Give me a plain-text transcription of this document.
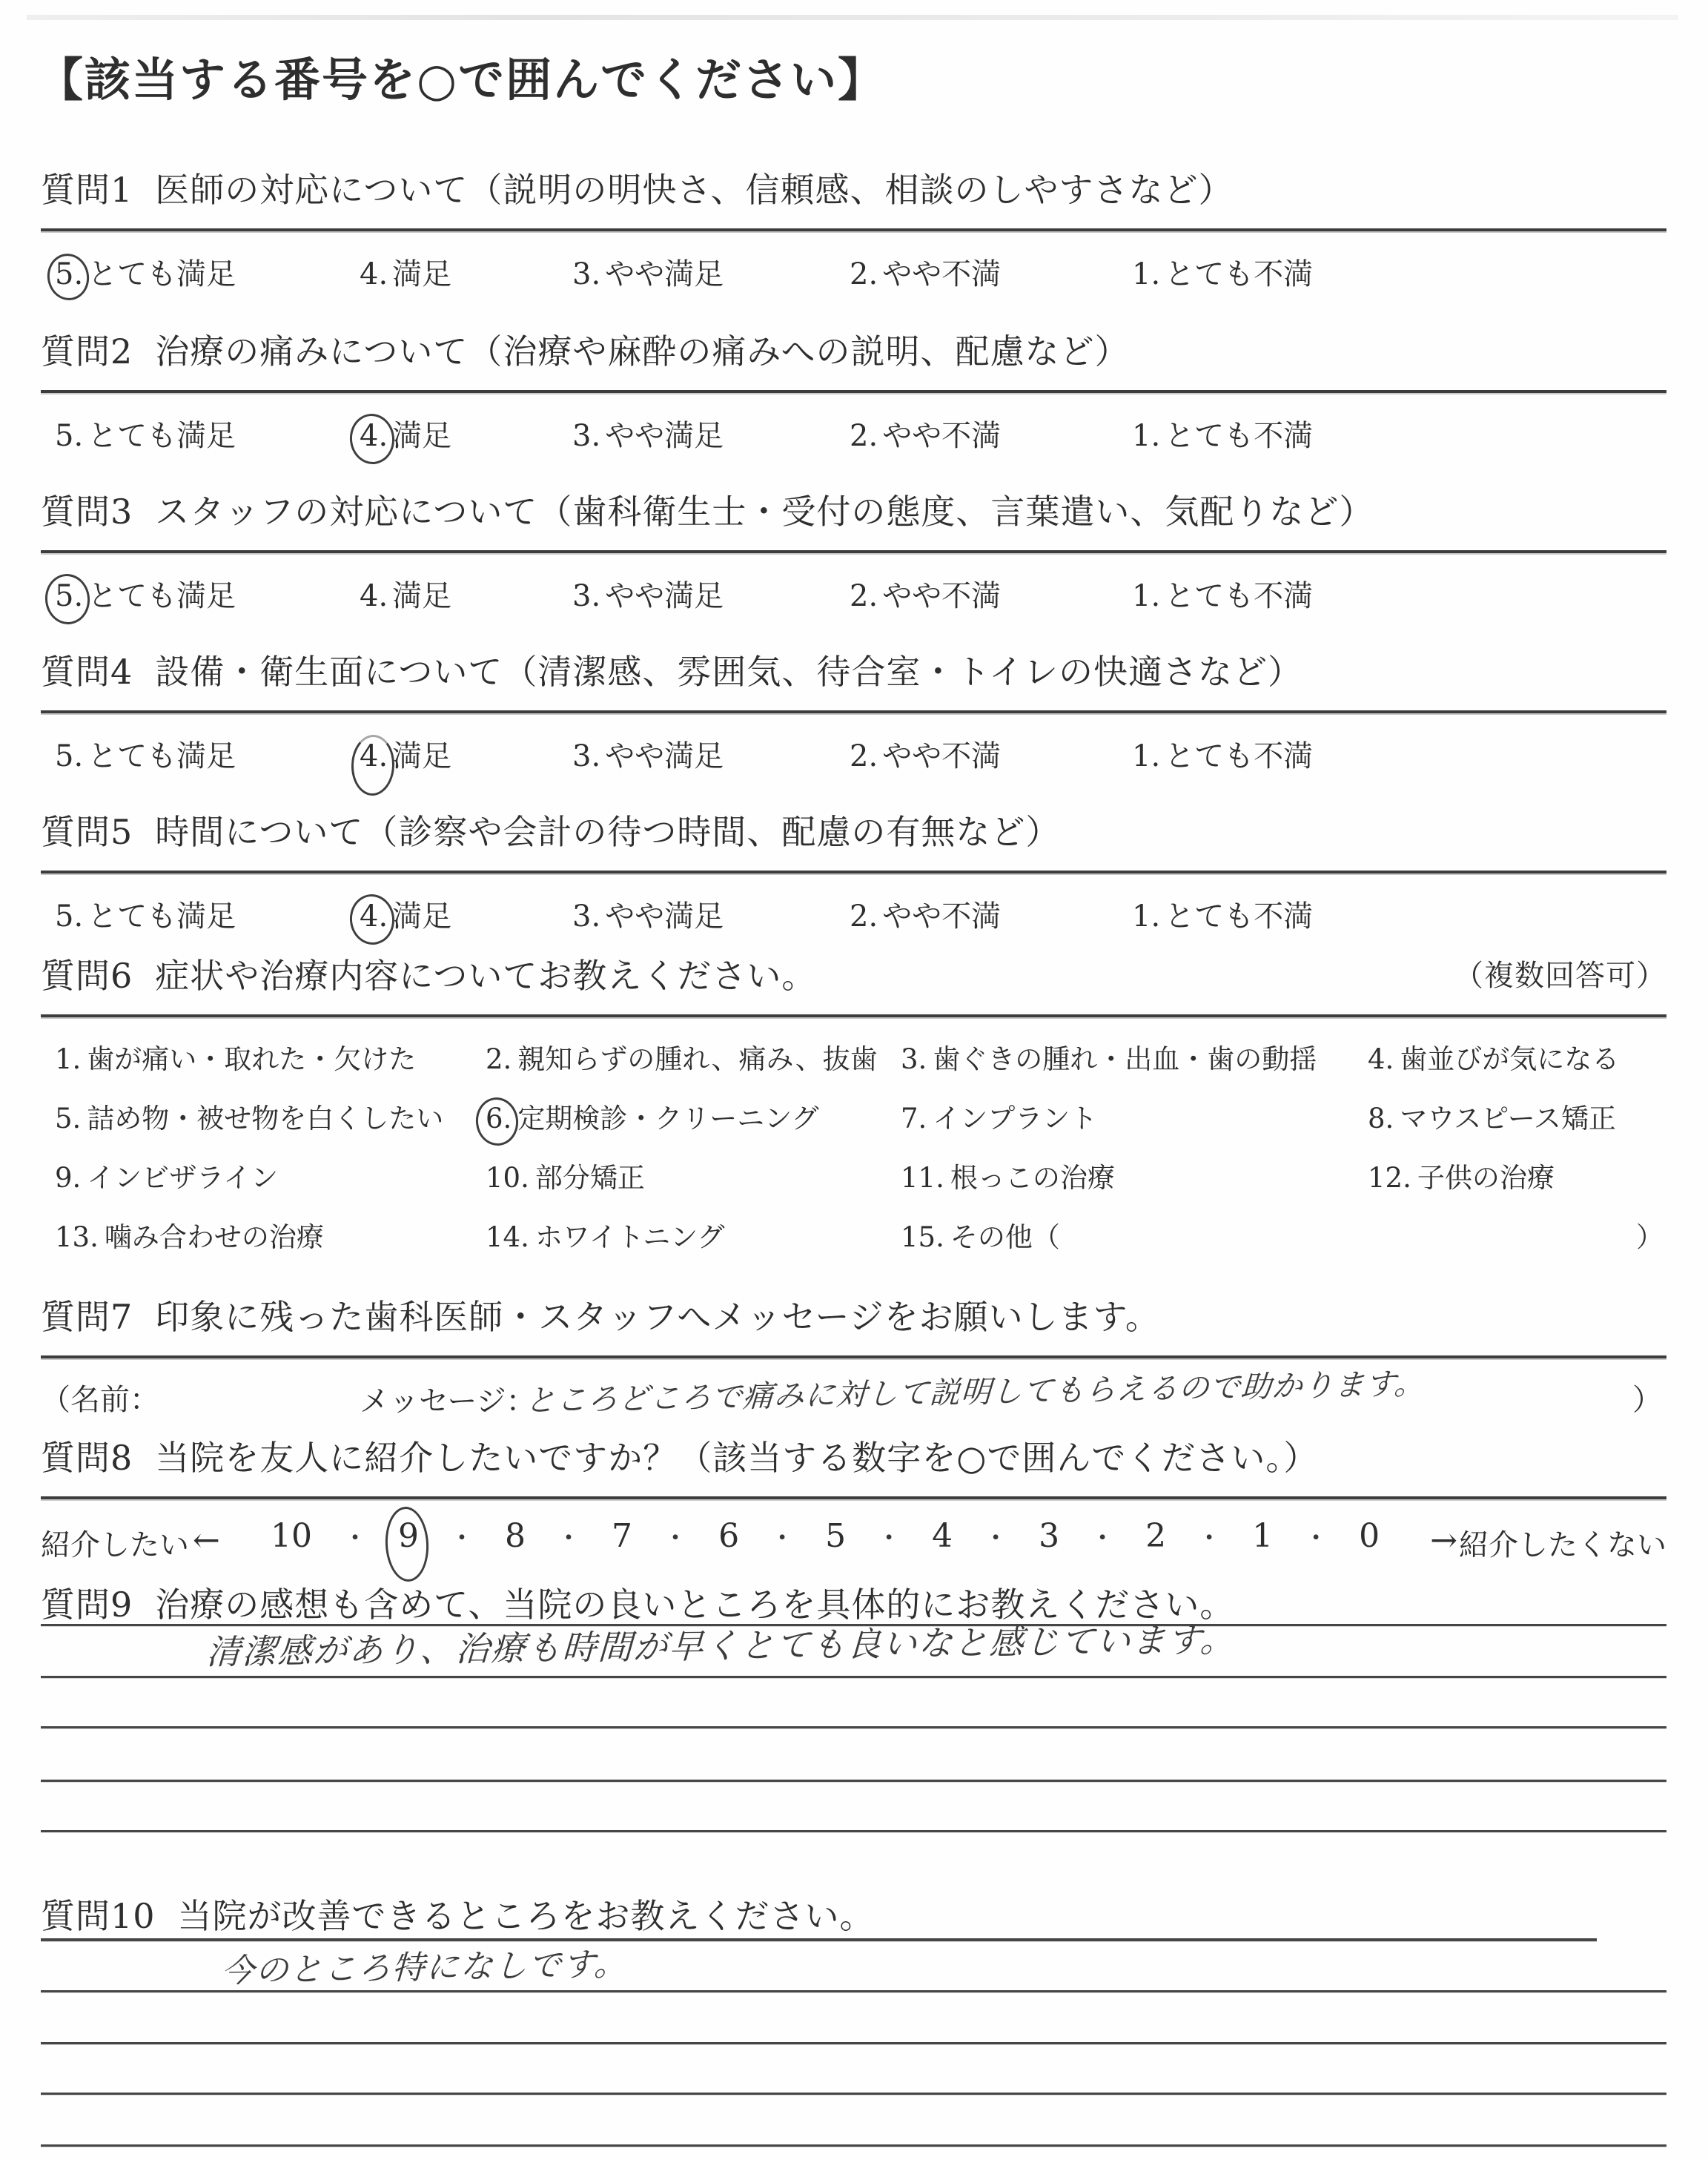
【該当する番号を○で囲んでください】
質問1 医師の対応について（説明の明快さ、信頼感、相談のしやすさなど）
5. とても満足	4. 満足	3. やや満足	2. やや不満	1. とても不満
質問2 治療の痛みについて（治療や麻酔の痛みへの説明、配慮など）
5. とても満足	4. 満足	3. やや満足	2. やや不満	1. とても不満
質問3 スタッフの対応について（歯科衛生士・受付の態度、言葉遣い、気配りなど）
5. とても満足	4. 満足	3. やや満足	2. やや不満	1. とても不満
質問4 設備・衛生面について（清潔感、雰囲気、待合室・トイレの快適さなど）
5. とても満足	4. 満足	3. やや満足	2. やや不満	1. とても不満
質問5 時間について（診察や会計の待つ時間、配慮の有無など）
5. とても満足	4. 満足	3. やや満足	2. やや不満	1. とても不満
質問6 症状や治療内容についてお教えください。	（複数回答可）
1. 歯が痛い・取れた・欠けた	2. 親知らずの腫れ、痛み、抜歯 3. 歯ぐきの腫れ・出血・歯の動揺 4. 歯並びが気になる
5. 詰め物・被せ物を白くしたい 6. 定期検診・クリーニング	7. インプラント	8. マウスピース矯正
9. インビザライン	10. 部分矯正	11. 根っこの治療	12. 子供の治療
13. 噛み合わせの治療	14. ホワイトニング	15. その他（	）
質問7 印象に残った歯科医師・スタッフへメッセージをお願いします。
（名前：	メッセージ：
ところどころで痛みに対して説明してもらえるので助かります。	）
質問8 当院を友人に紹介したいですか？（該当する数字を○で囲んでください。）
紹介したい ← 10 ・ 9 ・ 8 ・ 7 ・ 6 ・ 5 ・ 4 ・ 3 ・ 2 ・ 1 ・ 0 → 紹介したくない
質問9 治療の感想も含めて、当院の良いところを具体的にお教えください。
清潔感があり、治療も時間が早くとても良いなと感じています。
質問10 当院が改善できるところをお教えください。
今のところ特になしです。
